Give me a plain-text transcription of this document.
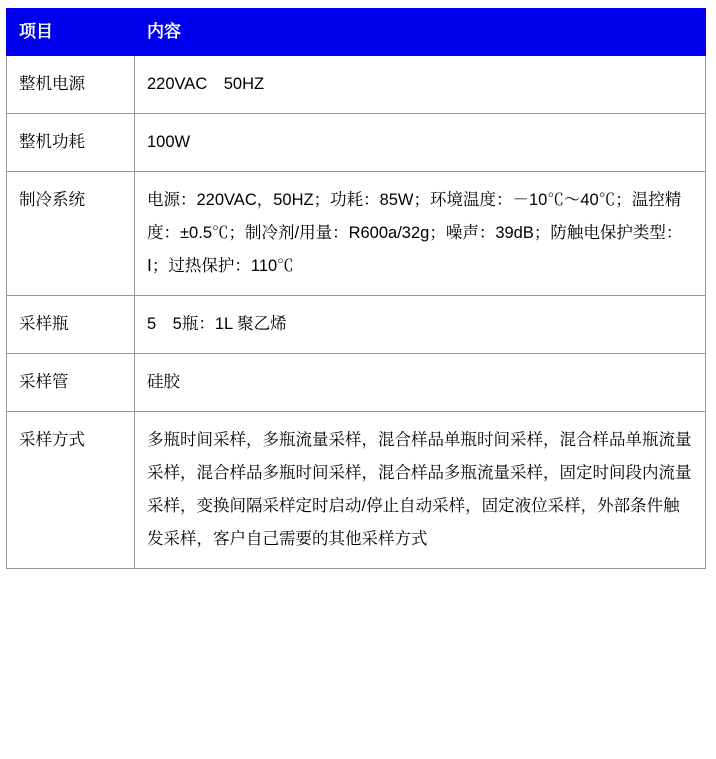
项目	内容
整机电源	220VAC　50HZ
整机功耗	100W
制冷系统	电源：220VAC，50HZ；功耗：85W；环境温度：－10℃～40℃；温控精度：±0.5℃；制冷剂/用量：R600a/32g；噪声：39dB；防触电保护类型：Ⅰ；过热保护：110℃
采样瓶	5　5瓶：1L 聚乙烯
采样管	硅胶
采样方式	多瓶时间采样，多瓶流量采样，混合样品单瓶时间采样，混合样品单瓶流量采样，混合样品多瓶时间采样，混合样品多瓶流量采样，固定时间段内流量采样，变换间隔采样定时启动/停止自动采样，固定液位采样，外部条件触发采样，客户自己需要的其他采样方式
